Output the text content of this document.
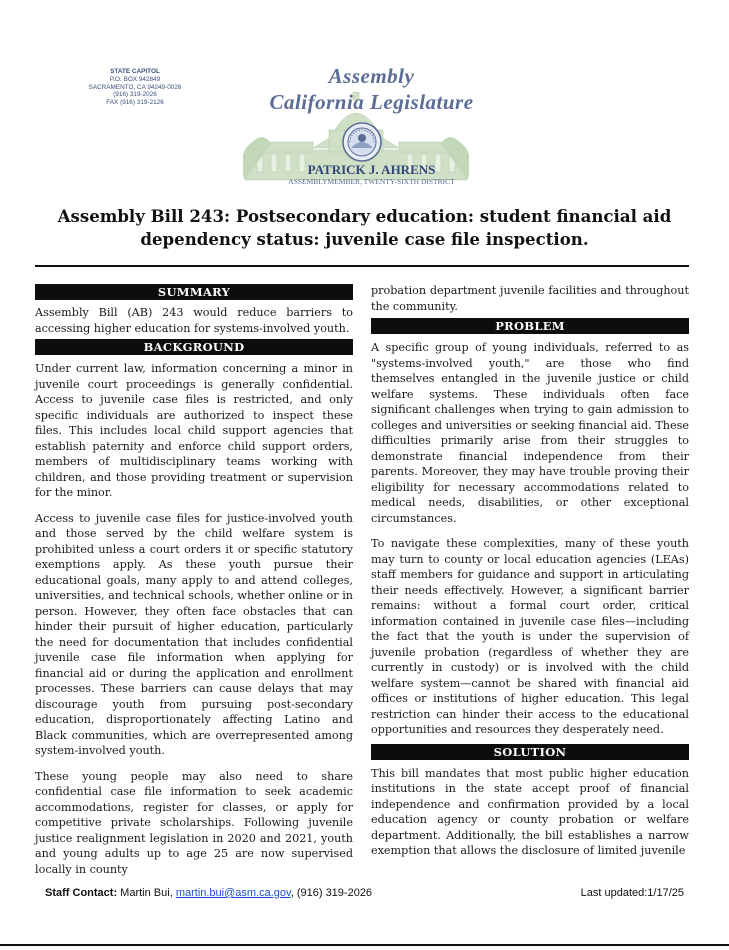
STATE CAPITOL
P.O. BOX 942849
SACRAMENTO, CA 94249-0026
(916) 319-2026
FAX (916) 319-2126
Assembly
California Legislature
PATRICK J. AHRENS
ASSEMBLYMEMBER, TWENTY-SIXTH DISTRICT
Assembly Bill 243: Postsecondary education: student financial aid dependency status: juvenile case file inspection.
SUMMARY

Assembly Bill (AB) 243 would reduce barriers to accessing higher education for systems-involved youth.

BACKGROUND

Under current law, information concerning a minor in juvenile court proceedings is generally confidential. Access to juvenile case files is restricted, and only specific individuals are authorized to inspect these files. This includes local child support agencies that establish paternity and enforce child support orders, members of multidisciplinary teams working with children, and those providing treatment or supervision for the minor.

Access to juvenile case files for justice-involved youth and those served by the child welfare system is prohibited unless a court orders it or specific statutory exemptions apply. As these youth pursue their educational goals, many apply to and attend colleges, universities, and technical schools, whether online or in person. However, they often face obstacles that can hinder their pursuit of higher education, particularly the need for documentation that includes confidential juvenile case file information when applying for financial aid or during the application and enrollment processes. These barriers can cause delays that may discourage youth from pursuing post-secondary education, disproportionately affecting Latino and Black communities, which are overrepresented among system-involved youth.

These young people may also need to share confidential case file information to seek academic accommodations, register for classes, or apply for competitive private scholarships. Following juvenile justice realignment legislation in 2020 and 2021, youth and young adults up to age 25 are now supervised locally in county

probation department juvenile facilities and throughout the community.

PROBLEM

A specific group of young individuals, referred to as "systems-involved youth," are those who find themselves entangled in the juvenile justice or child welfare systems. These individuals often face significant challenges when trying to gain admission to colleges and universities or seeking financial aid. These difficulties primarily arise from their struggles to demonstrate financial independence from their parents. Moreover, they may have trouble proving their eligibility for necessary accommodations related to medical needs, disabilities, or other exceptional circumstances.

To navigate these complexities, many of these youth may turn to county or local education agencies (LEAs) staff members for guidance and support in articulating their needs effectively. However, a significant barrier remains: without a formal court order, critical information contained in juvenile case files—including the fact that the youth is under the supervision of juvenile probation (regardless of whether they are currently in custody) or is involved with the child welfare system—cannot be shared with financial aid offices or institutions of higher education. This legal restriction can hinder their access to the educational opportunities and resources they desperately need.

SOLUTION

This bill mandates that most public higher education institutions in the state accept proof of financial independence and confirmation provided by a local education agency or county probation or welfare department. Additionally, the bill establishes a narrow exemption that allows the disclosure of limited juvenile

Staff Contact: Martin Bui, martin.bui@asm.ca.gov, (916) 319-2026	Last updated:1/17/25
